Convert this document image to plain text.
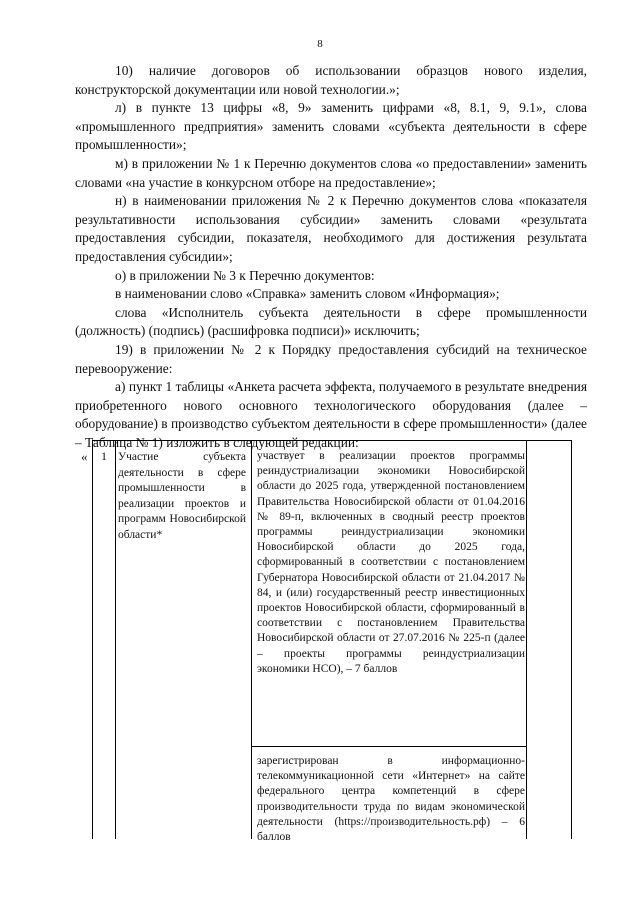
8

10) наличие договоров об использовании образцов нового изделия, конструкторской документации или новой технологии.»;

л) в пункте 13 цифры «8, 9» заменить цифрами «8, 8.1, 9, 9.1», слова «промышленного предприятия» заменить словами «субъекта деятельности в сфере промышленности»;

м) в приложении № 1 к Перечню документов слова «о предоставлении» заменить словами «на участие в конкурсном отборе на предоставление»;

н) в наименовании приложения № 2 к Перечню документов слова «показателя результативности использования субсидии» заменить словами «результата предоставления субсидии, показателя, необходимого для достижения результата предоставления субсидии»;

о) в приложении № 3 к Перечню документов:

в наименовании слово «Справка» заменить словом «Информация»;

слова «Исполнитель субъекта деятельности в сфере промышленности (должность) (подпись) (расшифровка подписи)» исключить;

19) в приложении № 2 к Порядку предоставления субсидий на техническое перевооружение:

а) пункт 1 таблицы «Анкета расчета эффекта, получаемого в результате внедрения приобретенного нового основного технологического оборудования (далее – оборудование) в производство субъектом деятельности в сфере промышленности» (далее – Таблица № 1) изложить в следующей редакции:

«	1 Участие субъекта деятельности в сфере промышленности в реализации проектов и программ Новосибирской области*
участвует в реализации проектов программы реиндустриализации экономики Новосибирской области до 2025 года, утвержденной постановлением Правительства Новосибирской области от 01.04.2016 № 89-п, включенных в сводный реестр проектов программы реиндустриализации экономики Новосибирской области до 2025 года, сформированный в соответствии с постановлением Губернатора Новосибирской области от 21.04.2017 № 84, и (или) государственный реестр инвестиционных проектов Новосибирской области, сформированный в соответствии с постановлением Правительства Новосибирской области от 27.07.2016 № 225-п (далее – проекты программы реиндустриализации экономики НСО), – 7 баллов
зарегистрирован в информационно-телекоммуникационной сети «Интернет» на сайте федерального центра компетенций в сфере производительности труда по видам экономической деятельности (https://производительность.рф) – 6 баллов
